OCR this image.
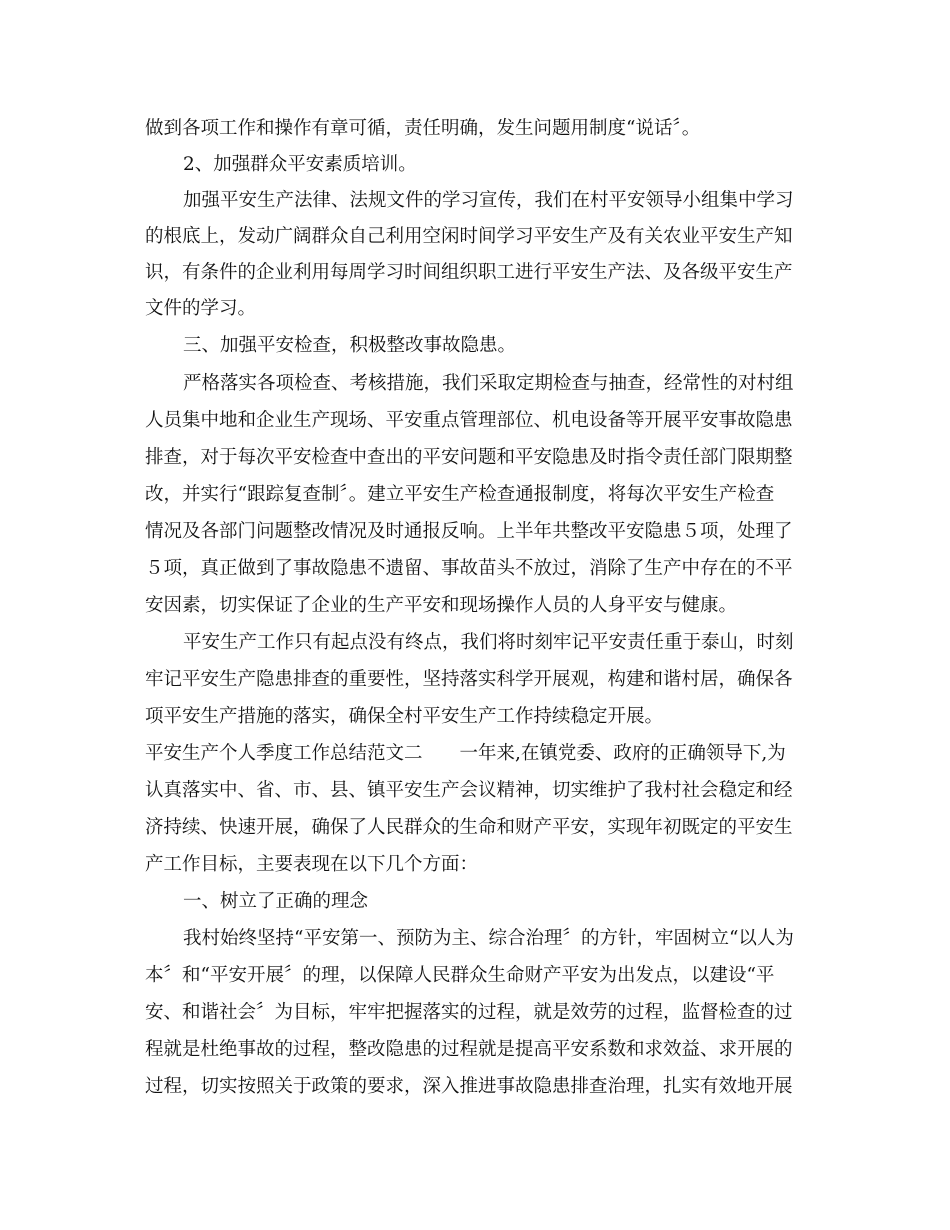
做到各项工作和操作有章可循，责任明确，发生问题用制度“说话〞。
2、加强群众平安素质培训。
加强平安生产法律、法规文件的学习宣传，我们在村平安领导小组集中学习
的根底上，发动广阔群众自己利用空闲时间学习平安生产及有关农业平安生产知
识，有条件的企业利用每周学习时间组织职工进行平安生产法、及各级平安生产
文件的学习。
三、加强平安检查，积极整改事故隐患。
严格落实各项检查、考核措施，我们采取定期检查与抽查，经常性的对村组
人员集中地和企业生产现场、平安重点管理部位、机电设备等开展平安事故隐患
排查，对于每次平安检查中查出的平安问题和平安隐患及时指令责任部门限期整
改，并实行“跟踪复查制〞。建立平安生产检查通报制度，将每次平安生产检查
情况及各部门问题整改情况及时通报反响。上半年共整改平安隐患５项，处理了
５项，真正做到了事故隐患不遗留、事故苗头不放过，消除了生产中存在的不平
安因素，切实保证了企业的生产平安和现场操作人员的人身平安与健康。
平安生产工作只有起点没有终点，我们将时刻牢记平安责任重于泰山，时刻
牢记平安生产隐患排查的重要性，坚持落实科学开展观，构建和谐村居，确保各
项平安生产措施的落实，确保全村平安生产工作持续稳定开展。
平安生产个人季度工作总结范文二　　一年来,在镇党委、政府的正确领导下,为
认真落实中、省、市、县、镇平安生产会议精神，切实维护了我村社会稳定和经
济持续、快速开展，确保了人民群众的生命和财产平安，实现年初既定的平安生
产工作目标，主要表现在以下几个方面：
一、树立了正确的理念
我村始终坚持“平安第一、预防为主、综合治理〞的方针，牢固树立“以人为
本〞和“平安开展〞的理，以保障人民群众生命财产平安为出发点，以建设“平
安、和谐社会〞为目标，牢牢把握落实的过程，就是效劳的过程，监督检查的过
程就是杜绝事故的过程，整改隐患的过程就是提高平安系数和求效益、求开展的
过程，切实按照关于政策的要求，深入推进事故隐患排查治理，扎实有效地开展
